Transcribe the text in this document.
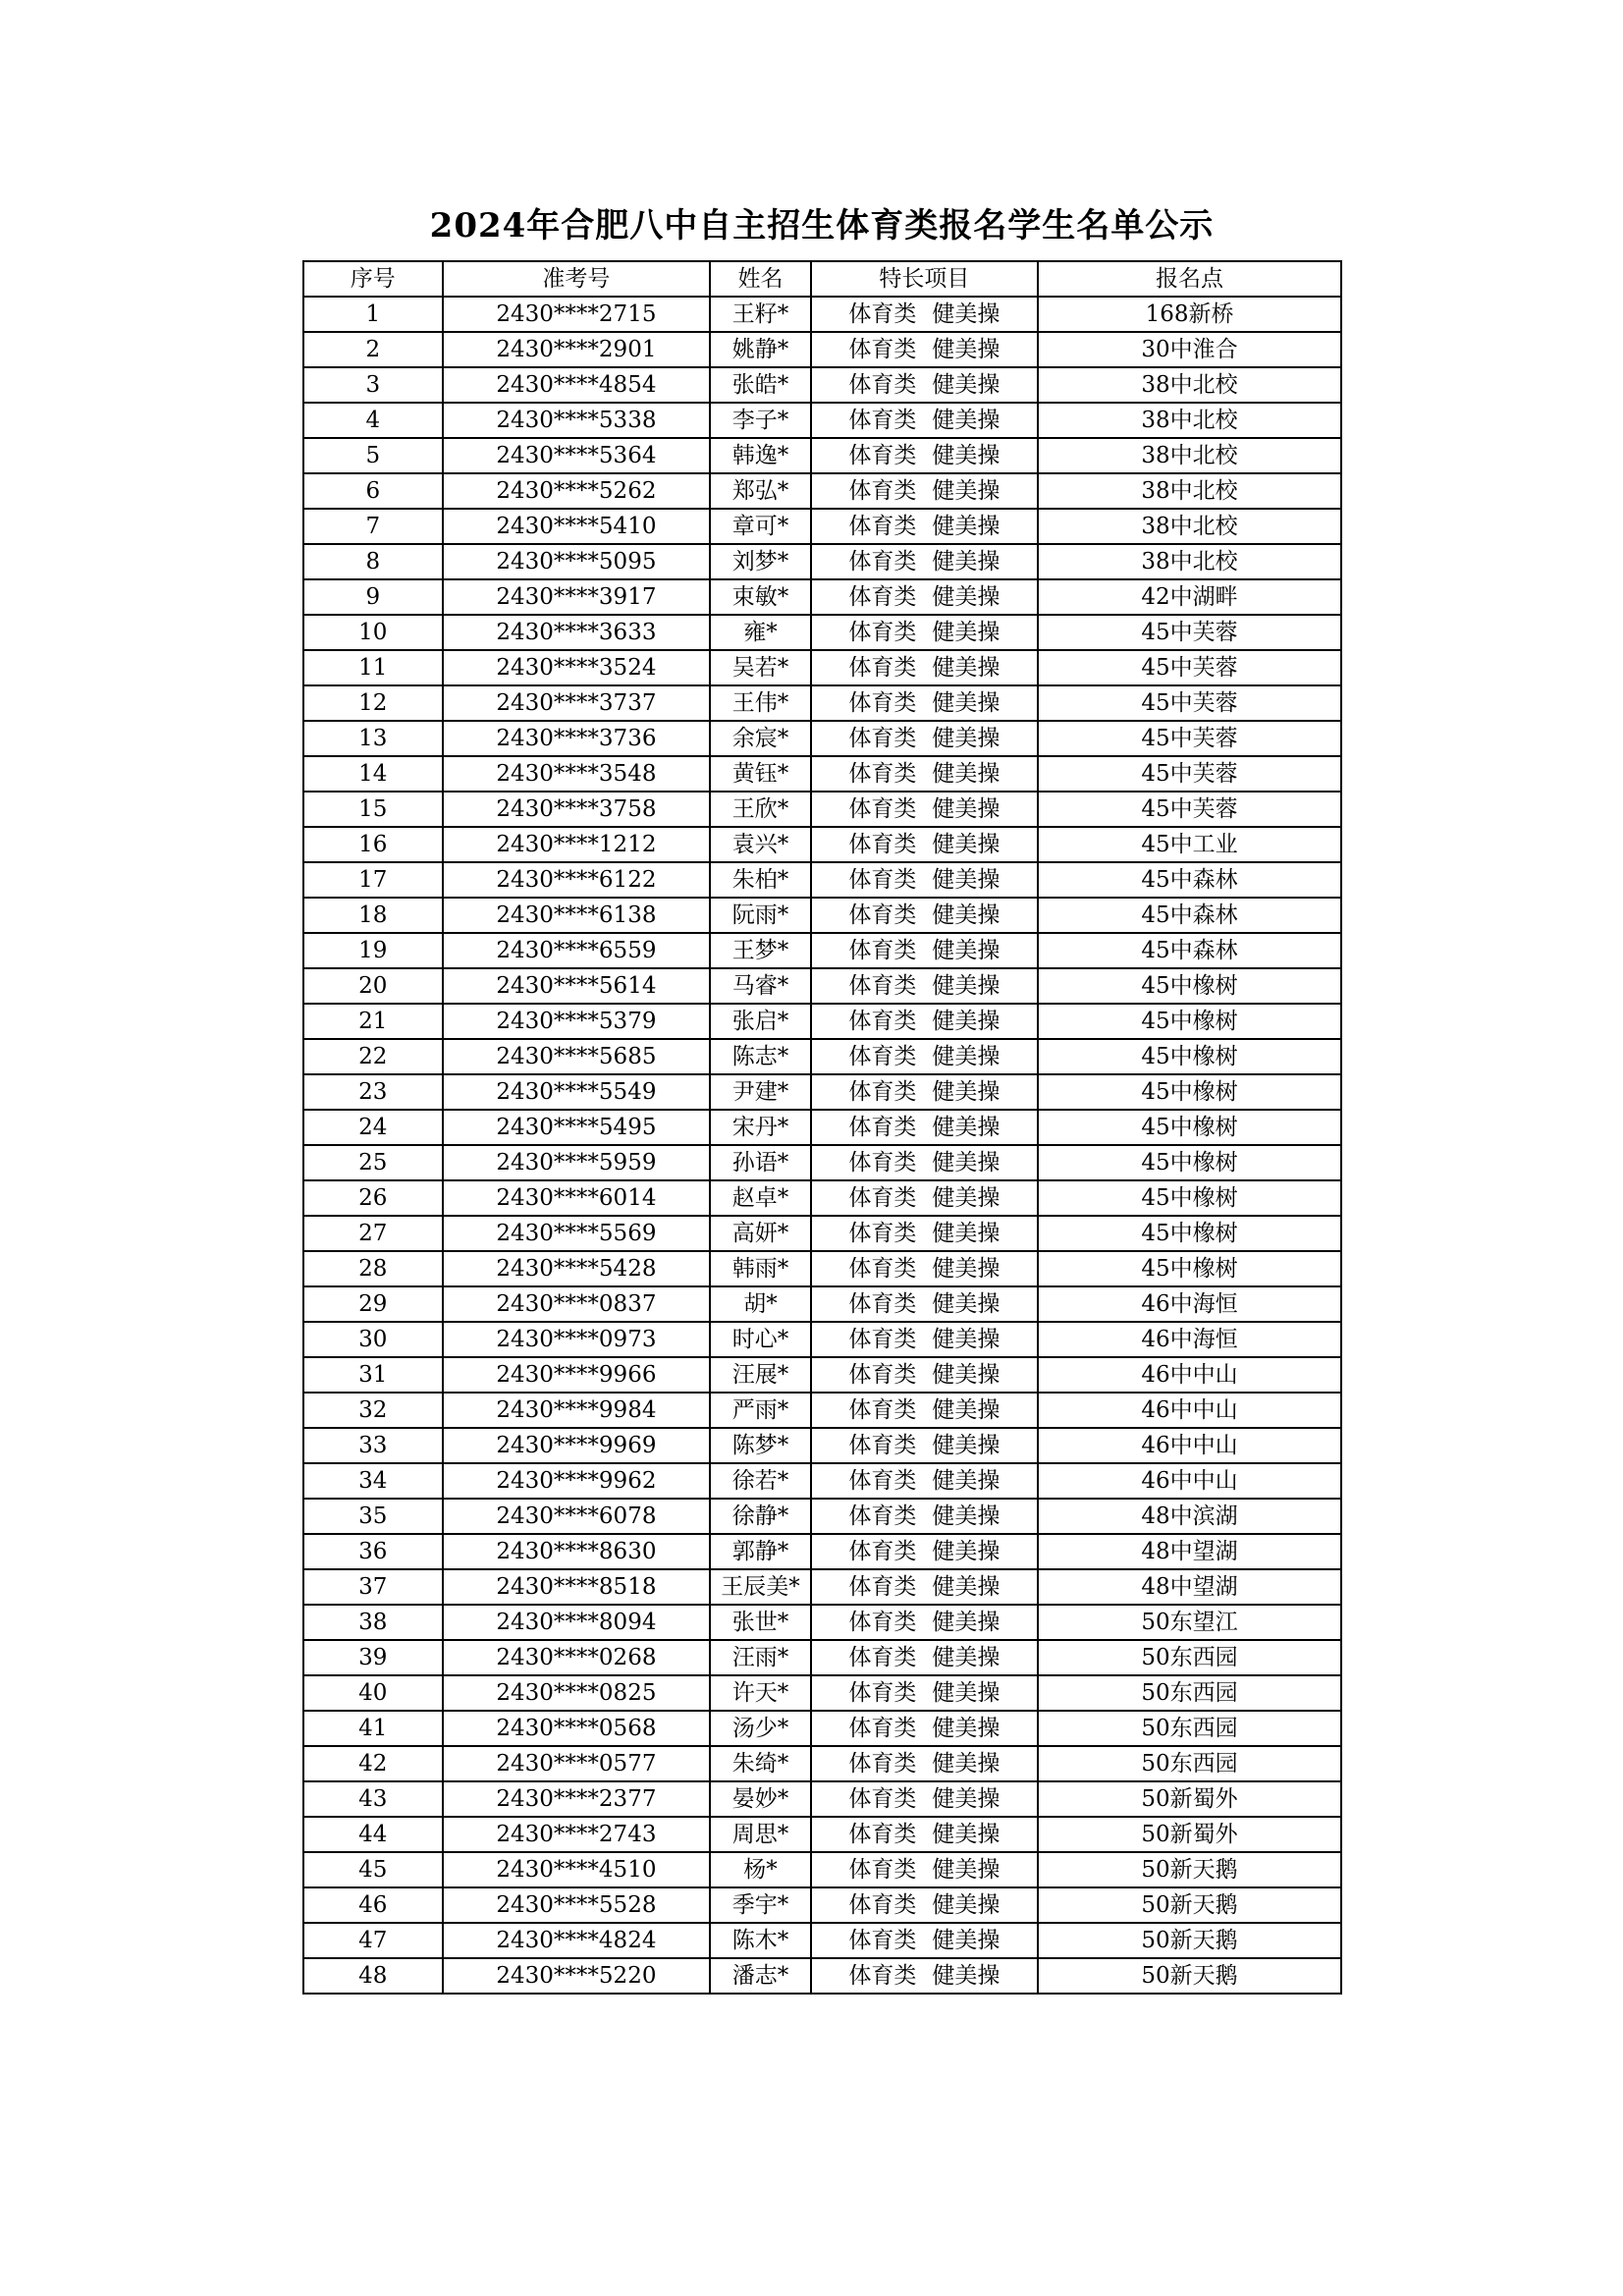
2024年合肥八中自主招生体育类报名学生名单公示
序号	准考号	姓名	特长项目	报名点
1	2430****2715	王籽*	体育类 健美操	168新桥
2	2430****2901	姚静*	体育类 健美操	30中淮合
3	2430****4854	张皓*	体育类 健美操	38中北校
4	2430****5338	李子*	体育类 健美操	38中北校
5	2430****5364	韩逸*	体育类 健美操	38中北校
6	2430****5262	郑弘*	体育类 健美操	38中北校
7	2430****5410	章可*	体育类 健美操	38中北校
8	2430****5095	刘梦*	体育类 健美操	38中北校
9	2430****3917	束敏*	体育类 健美操	42中湖畔
10	2430****3633	雍*	体育类 健美操	45中芙蓉
11	2430****3524	吴若*	体育类 健美操	45中芙蓉
12	2430****3737	王伟*	体育类 健美操	45中芙蓉
13	2430****3736	余宸*	体育类 健美操	45中芙蓉
14	2430****3548	黄钰*	体育类 健美操	45中芙蓉
15	2430****3758	王欣*	体育类 健美操	45中芙蓉
16	2430****1212	袁兴*	体育类 健美操	45中工业
17	2430****6122	朱柏*	体育类 健美操	45中森林
18	2430****6138	阮雨*	体育类 健美操	45中森林
19	2430****6559	王梦*	体育类 健美操	45中森林
20	2430****5614	马睿*	体育类 健美操	45中橡树
21	2430****5379	张启*	体育类 健美操	45中橡树
22	2430****5685	陈志*	体育类 健美操	45中橡树
23	2430****5549	尹建*	体育类 健美操	45中橡树
24	2430****5495	宋丹*	体育类 健美操	45中橡树
25	2430****5959	孙语*	体育类 健美操	45中橡树
26	2430****6014	赵卓*	体育类 健美操	45中橡树
27	2430****5569	高妍*	体育类 健美操	45中橡树
28	2430****5428	韩雨*	体育类 健美操	45中橡树
29	2430****0837	胡*	体育类 健美操	46中海恒
30	2430****0973	时心*	体育类 健美操	46中海恒
31	2430****9966	汪展*	体育类 健美操	46中中山
32	2430****9984	严雨*	体育类 健美操	46中中山
33	2430****9969	陈梦*	体育类 健美操	46中中山
34	2430****9962	徐若*	体育类 健美操	46中中山
35	2430****6078	徐静*	体育类 健美操	48中滨湖
36	2430****8630	郭静*	体育类 健美操	48中望湖
37	2430****8518	王辰美*	体育类 健美操	48中望湖
38	2430****8094	张世*	体育类 健美操	50东望江
39	2430****0268	汪雨*	体育类 健美操	50东西园
40	2430****0825	许天*	体育类 健美操	50东西园
41	2430****0568	汤少*	体育类 健美操	50东西园
42	2430****0577	朱绮*	体育类 健美操	50东西园
43	2430****2377	晏妙*	体育类 健美操	50新蜀外
44	2430****2743	周思*	体育类 健美操	50新蜀外
45	2430****4510	杨*	体育类 健美操	50新天鹅
46	2430****5528	季宇*	体育类 健美操	50新天鹅
47	2430****4824	陈木*	体育类 健美操	50新天鹅
48	2430****5220	潘志*	体育类 健美操	50新天鹅
